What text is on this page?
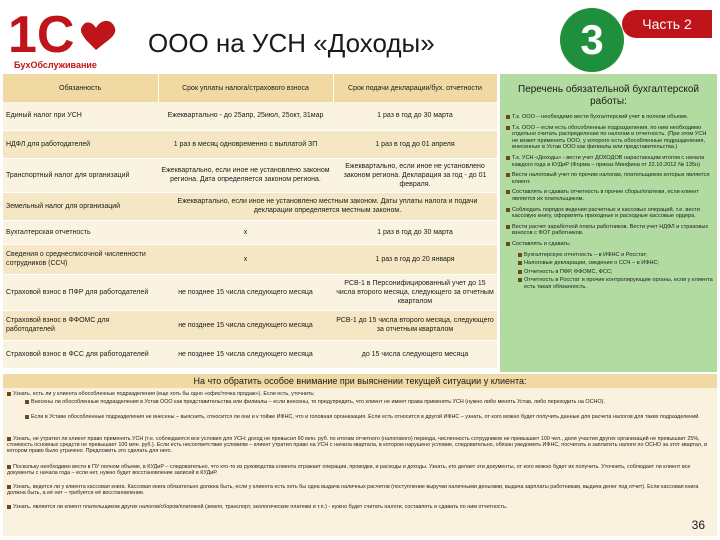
1С
БухОбслуживание
ООО на УСН «Доходы»	3	Часть 2
Обязанность	Срок уплаты налога/страхового взноса	Срок подачи декларации/бух. отчетности
Единый налог при УСН	Ежеквартально - до 25апр, 25июл, 25окт, 31мар	1 раз в год до 30 марта
НДФЛ для работодателей	1 раз в месяц одновременно с выплатой ЗП	1 раз в год до 01 апреля
Транспортный налог для организаций	Ежеквартально, если иное не установлено законом региона. Дата определяется законом региона.	Ежеквартально, если иное не установлено законом региона. Декларация за год - до 01 февраля.
Земельный налог для организаций	Ежеквартально, если иное не установлено местным законом. Даты уплаты налога и подачи декларации определяется местным законом.	
Бухгалтерская отчетность	х	1 раз в год до 30 марта
Сведения о среднесписочной численности сотрудников (ССЧ)	х	1 раз в год до 20 января
Страховой взнос в ПФР для работодателей	не позднее 15 числа следующего месяца	РСВ-1 в Персонифицированный учет до 15 числа второго месяца, следующего за отчетным кварталом
Страховой взнос в ФФОМС для работодателей	не позднее 15 числа следующего месяца	РСВ-1 до 15 числа второго месяца, следующего за отчетным кварталом
Страховой взнос в ФСС для работодателей	не позднее 15 числа следующего месяца	до 15 числа следующего месяца
Перечень обязательной бухгалтерской работы:
Т.к. ООО – необходимо вести бухгалтерский учет в полном объеме.
Т.к. ООО – если есть обособленные подразделения, по ним необходимо отдельно считать распределение по налогам и отчетность. (При этом УСН не может применять ООО, у которого есть обособленные подразделения, внесенные в Устав ООО как филиалы или представительства.)
Т.к. УСН «Доходы» - вести учет ДОХОДОВ нарастающим итогом с начала каждого года в КУДиР (Форма – приказ Минфина от 22.10.2012 № 135н)
Вести налоговый учет по прочим налогам, плательщиком которых является клиент.
Составлять и сдавать отчетность в прочие сборы/платежи, если клиент является их плательщиком.
Соблюдать порядок ведения расчетных и кассовых операций, т.е. вести кассовую книгу, оформлять приходные и расходные кассовые ордера.
Вести расчет заработной платы работников. Вести учет НДФЛ и страховых взносов с ФОТ работников.
Составлять и сдавать:
Бухгалтерскую отчетность – в ИФНС и Росстат;
Налоговые декларации, сведения о ССЧ – в ИФНС;
Отчетность в ПФР, ФФОМС, ФСС;
Отчетность в Росстат и прочие контролирующие органы, если у клиента есть такая обязанность.
На что обратить особое внимание при выяснении текущей ситуации у клиента:
Узнать, есть ли у клиента обособленные подразделения (еще хоть бы одно «офис/точка продаж»). Если есть, уточнить:
Внесены ли обособленные подразделения в Устав ООО как представительства или филиалы – если внесены, то предупредить, что клиент не имеет права применять УСН (нужно либо менять Устав, либо переходить на ОСНО).
Если в Уставе обособленные подразделения не внесены – выяснить, относится ли они и к тойже ИФНС, что и головная организация. Если есть относится в другой ИФНС – узнать, от кого можно будет получить данные для расчета налогов для таких подразделений.
Узнать, не утратил ли клиент право применять УСН (т.е. соблюдаются все условия для УСН: доход не превысил 60 млн. руб. по итогам отчетного (налогового) периода, численность сотрудников не превышает 100 чел., доля участия других организаций не превышает 25%, стоимость основных средств не превышает 100 млн. руб.). Если есть несоответствие условиям – клиент утратил право на УСН с начала квартала, в котором нарушено условие, следовательно, обязан уведомить ИФНС, посчитать и заплатить налоги по ОСНО за этот квартал, в котором право было утрачено. Предложить это сделать для него.
Поскольку необходимо вести в ПУ полном объеме, в КУДиР – следовательно, что кто-то из руководства клиента отражает операции, проводки, и расходы и доходы. Узнать, кто делает эти документы, от кого можно будет их получить. Уточнить, соблюдает ли клиент все документы с начала года – если нет, нужно будет восстановление записей в КУДиР.
Узнать, ведется ли у клиента кассовая книга. Кассовая книга обязательно должна быть, если у клиента есть хоть бы одна выдача наличных расчетов (поступление выручки наличными деньгами, выдача зарплаты работникам, выдача денег под отчет). Если кассовая книга должна быть, а её нет – требуется её восстановление.
Узнать, является ли клиент плательщиком других налогов/сборов/платежей (земля, транспорт, экологические платежи и т.п.) - нужно будет считать налоги, составлять и сдавать по ним отчетность.
36
